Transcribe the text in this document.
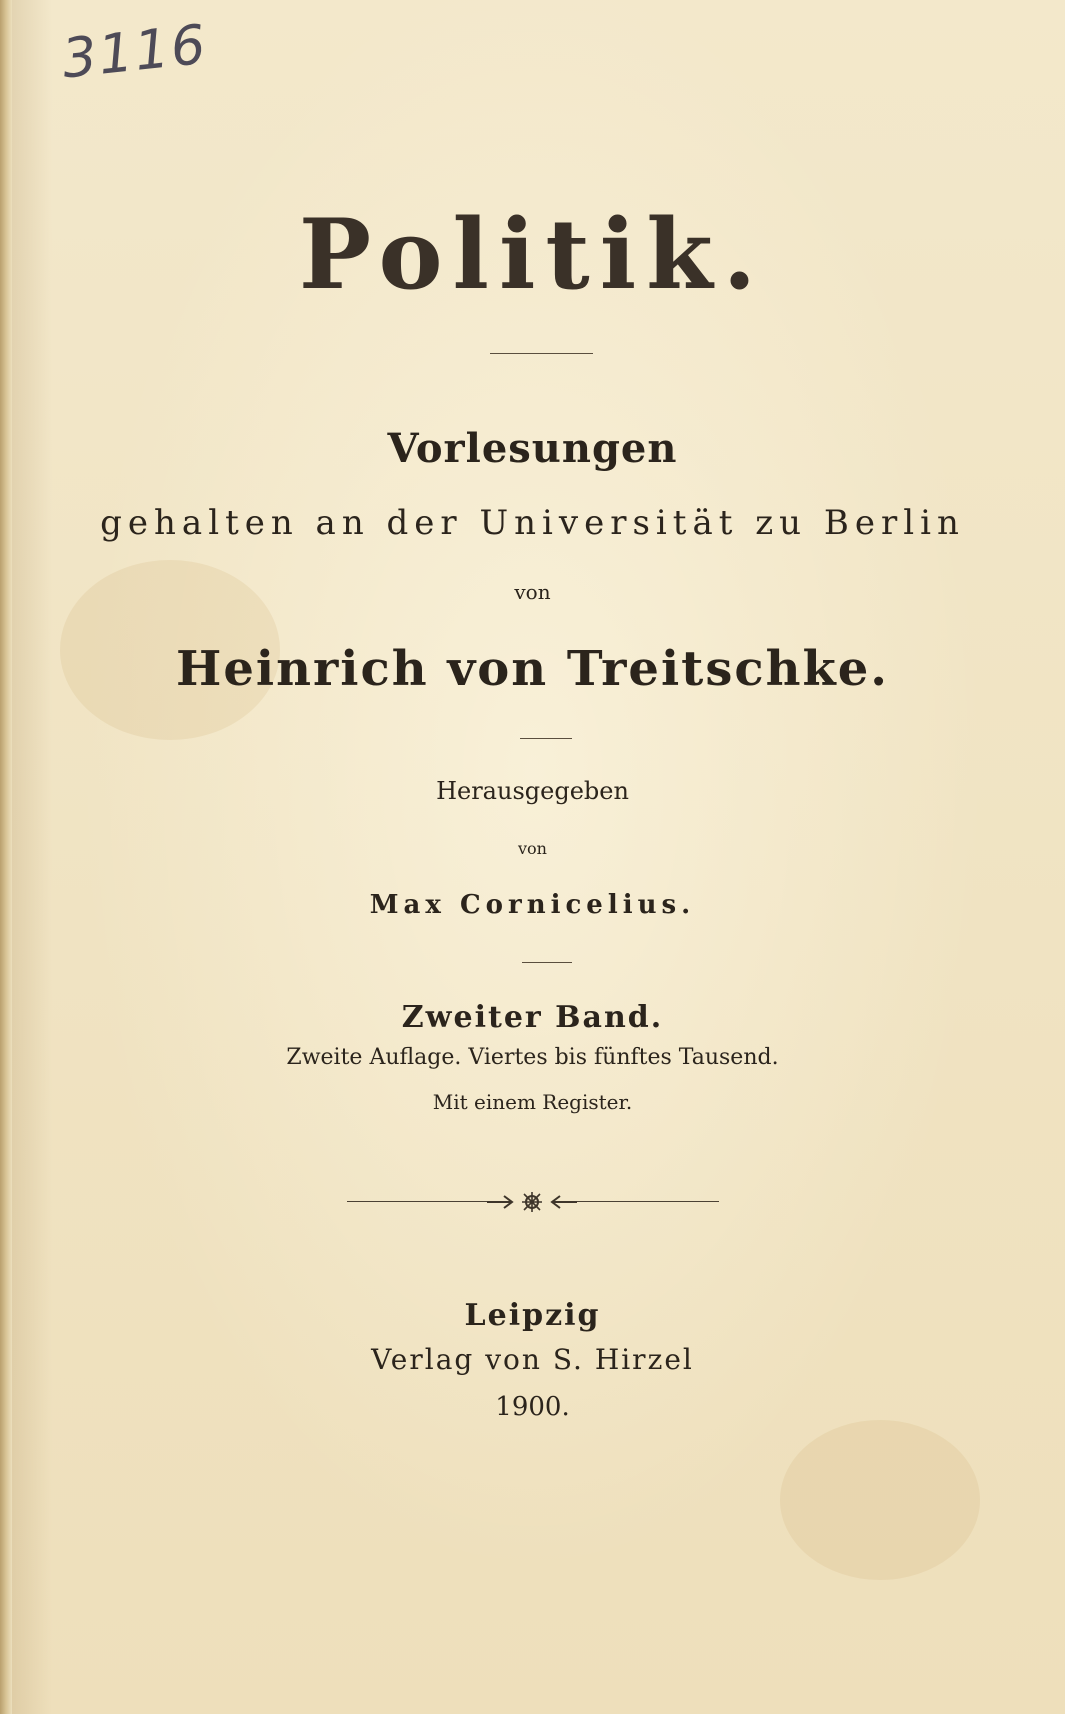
3116
Politik.
Vorlesungen
gehalten an der Universität zu Berlin
von
Heinrich von Treitschke.
Herausgegeben
von
Max Cornicelius.
Zweiter Band.
Zweite Auflage. Viertes bis fünftes Tausend.
Mit einem Register.
Leipzig
Verlag von S. Hirzel
1900.
